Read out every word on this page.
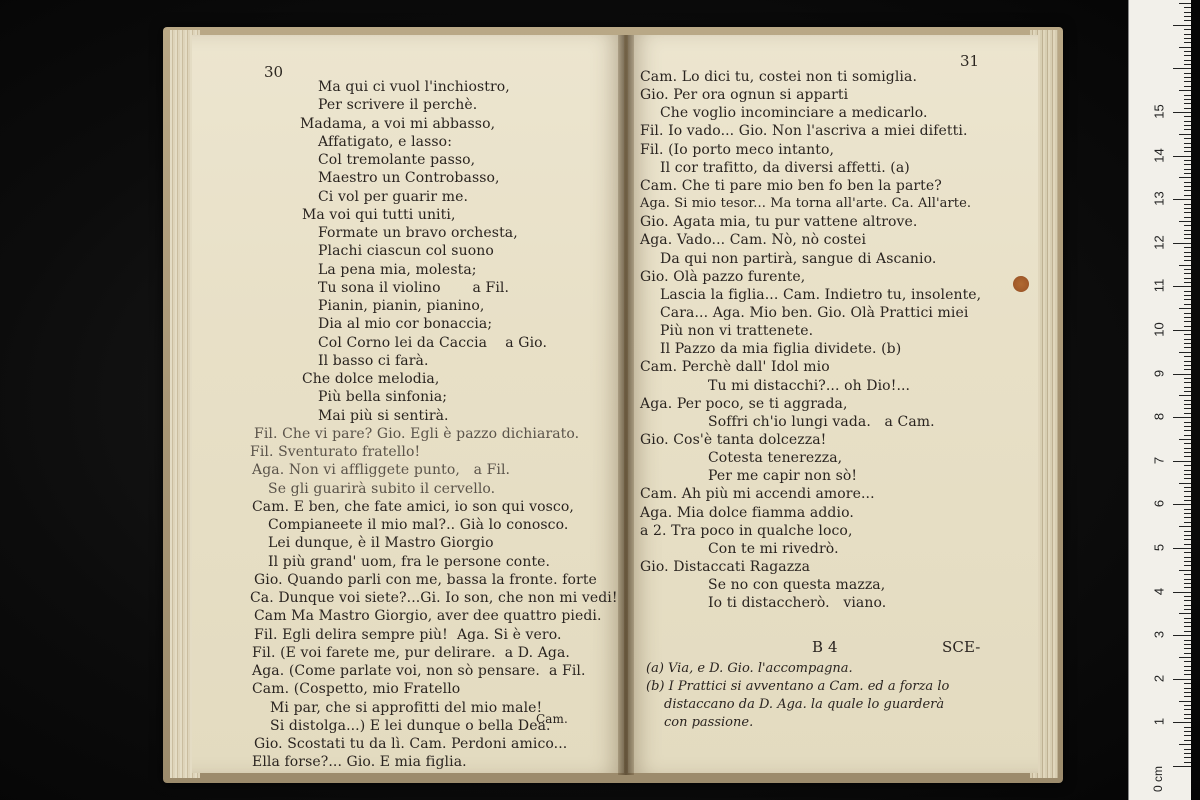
30
31
Ma qui ci vuol l'inchiostro,
Per scrivere il perchè.
Madama, a voi mi abbasso,
Affatigato, e lasso:
Col tremolante passo,
Maestro un Controbasso,
Ci vol per guarir me.
Ma voi qui tutti uniti,
Formate un bravo orchesta,
Plachi ciascun col suono
La pena mia, molesta;
Tu sona il violino       a Fil.
Pianin, pianin, pianino,
Dia al mio cor bonaccia;
Col Corno lei da Caccia    a Gio.
Il basso ci farà.
Che dolce melodia,
Più bella sinfonia;
Mai più si sentirà.
Fil. Che vi pare? Gio. Egli è pazzo dichiarato.
Fil. Sventurato fratello!
Aga. Non vi affliggete punto,   a Fil.
Se gli guarirà subito il cervello.
Cam. E ben, che fate amici, io son qui vosco,
Compianeete il mio mal?.. Già lo conosco.
Lei dunque, è il Mastro Giorgio
Il più grand' uom, fra le persone conte.
Gio. Quando parli con me, bassa la fronte. forte
Ca. Dunque voi siete?...Gi. Io son, che non mi vedi!
Cam Ma Mastro Giorgio, aver dee quattro piedi.
Fil. Egli delira sempre più!  Aga. Si è vero.
Fil. (E voi farete me, pur delirare.  a D. Aga.
Aga. (Come parlate voi, non sò pensare.  a Fil.
Cam. (Cospetto, mio Fratello
Mi par, che si approfitti del mio male!
Si distolga...) E lei dunque o bella Dea.
Gio. Scostati tu da lì. Cam. Perdoni amico...
Ella forse?... Gio. E mia figlia.
Cam.
Cam. Lo dici tu, costei non ti somiglia.
Gio. Per ora ognun si apparti
Che voglio incominciare a medicarlo.
Fil. Io vado... Gio. Non l'ascriva a miei difetti.
Fil. (Io porto meco intanto,
Il cor trafitto, da diversi affetti. (a)
Cam. Che ti pare mio ben fo ben la parte?
Aga. Si mio tesor... Ma torna all'arte. Ca. All'arte.
Gio. Agata mia, tu pur vattene altrove.
Aga. Vado... Cam. Nò, nò costei
Da qui non partirà, sangue di Ascanio.
Gio. Olà pazzo furente,
Lascia la figlia... Cam. Indietro tu, insolente,
Cara... Aga. Mio ben. Gio. Olà Prattici miei
Più non vi trattenete.
Il Pazzo da mia figlia dividete. (b)
Cam. Perchè dall' Idol mio
Tu mi distacchi?... oh Dio!...
Aga. Per poco, se ti aggrada,
Soffri ch'io lungi vada.   a Cam.
Gio. Cos'è tanta dolcezza!
Cotesta tenerezza,
Per me capir non sò!
Cam. Ah più mi accendi amore...
Aga. Mia dolce fiamma addio.
a 2. Tra poco in qualche loco,
Con te mi rivedrò.
Gio. Distaccati Ragazza
Se no con questa mazza,
Io ti distaccherò.   viano.
B 4	SCE-
(a) Via, e D. Gio. l'accompagna.
(b) I Prattici si avventano a Cam. ed a forza lo
distaccano da D. Aga. la quale lo guarderà
con passione.
15
14
13
12
11
10
9
8
7
6
5
4
3
2
1
0 cm
